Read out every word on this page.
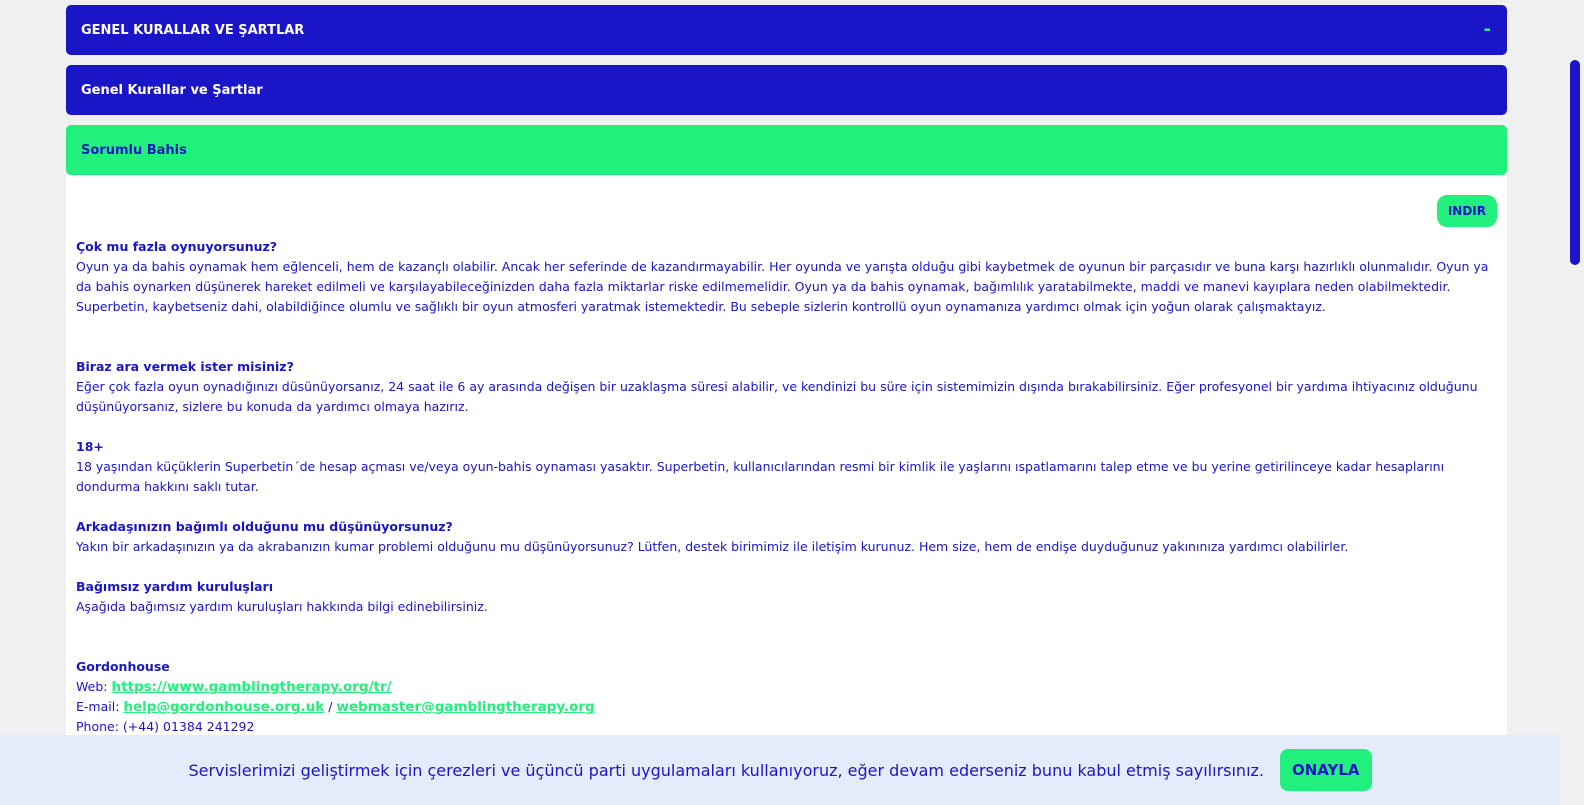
GENEL KURALLAR VE ŞARTLAR	-
Genel Kurallar ve Şartlar
Sorumlu Bahis
INDIR
Çok mu fazla oynuyorsunuz?
Oyun ya da bahis oynamak hem eğlenceli, hem de kazançlı olabilir. Ancak her seferinde de kazandırmayabilir. Her oyunda ve yarışta olduğu gibi kaybetmek de oyunun bir parçasıdır ve buna karşı hazırlıklı olunmalıdır. Oyun ya da bahis oynarken düşünerek hareket edilmeli ve karşılayabileceğinizden daha fazla miktarlar riske edilmemelidir. Oyun ya da bahis oynamak, bağımlılık yaratabilmekte, maddi ve manevi kayıplara neden olabilmektedir. Superbetin, kaybetseniz dahi, olabildiğince olumlu ve sağlıklı bir oyun atmosferi yaratmak istemektedir. Bu sebeple sizlerin kontrollü oyun oynamanıza yardımcı olmak için yoğun olarak çalışmaktayız.
Biraz ara vermek ister misiniz?
Eğer çok fazla oyun oynadığınızı düsünüyorsanız, 24 saat ile 6 ay arasında değişen bir uzaklaşma süresi alabilir, ve kendinizi bu süre için sistemimizin dışında bırakabilirsiniz. Eğer profesyonel bir yardıma ihtiyacınız olduğunu düşünüyorsanız, sizlere bu konuda da yardımcı olmaya hazırız.
18+
18 yaşından küçüklerin Superbetin´de hesap açması ve/veya oyun-bahis oynaması yasaktır. Superbetin, kullanıcılarından resmi bir kimlik ile yaşlarını ıspatlamarını talep etme ve bu yerine getirilinceye kadar hesaplarını dondurma hakkını saklı tutar.
Arkadaşınızın bağımlı olduğunu mu düşünüyorsunuz?
Yakın bir arkadaşınızın ya da akrabanızın kumar problemi olduğunu mu düşünüyorsunuz? Lütfen, destek birimimiz ile iletişim kurunuz. Hem size, hem de endişe duyduğunuz yakınınıza yardımcı olabilirler.
Bağımsız yardım kuruluşları
Aşağıda bağımsız yardım kuruluşları hakkında bilgi edinebilirsiniz.
Gordonhouse
Web: https://www.gamblingtherapy.org/tr/
E-mail: help@gordonhouse.org.uk / webmaster@gamblingtherapy.org
Phone: (+44) 01384 241292
Servislerimizi geliştirmek için çerezleri ve üçüncü parti uygulamaları kullanıyoruz, eğer devam ederseniz bunu kabul etmiş sayılırsınız.	ONAYLA
